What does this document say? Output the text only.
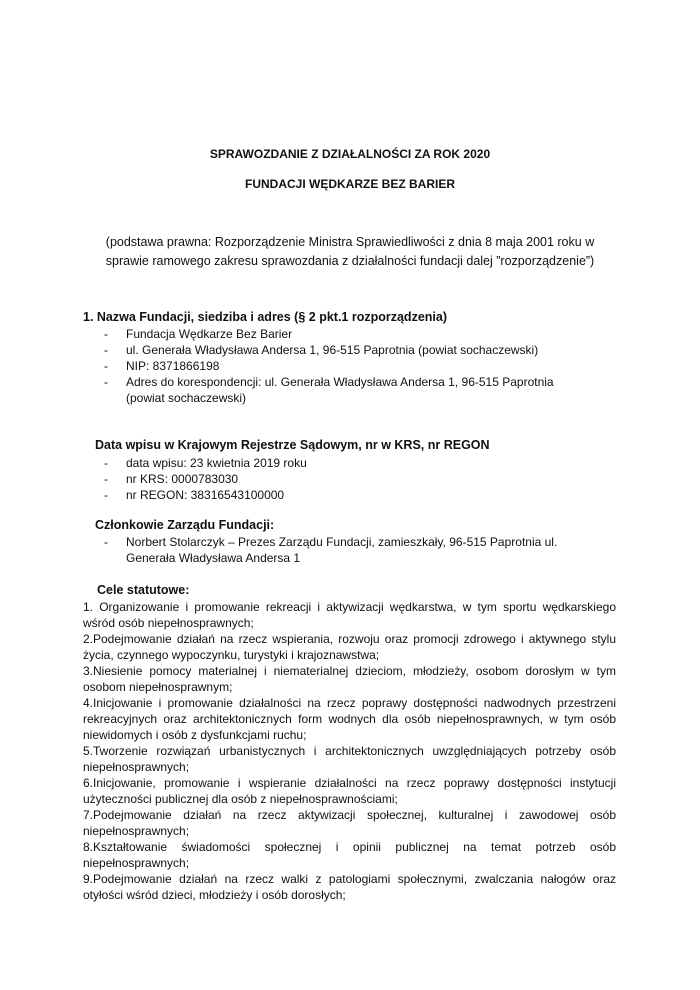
SPRAWOZDANIE Z DZIAŁALNOŚCI ZA ROK 2020
FUNDACJI WĘDKARZE BEZ BARIER
(podstawa prawna: Rozporządzenie Ministra Sprawiedliwości z dnia 8 maja 2001 roku w sprawie ramowego zakresu sprawozdania z działalności fundacji dalej ”rozporządzenie”)
1. Nazwa Fundacji, siedziba i adres (§ 2 pkt.1 rozporządzenia)
- Fundacja Wędkarze Bez Barier
- ul. Generała Władysława Andersa 1, 96-515 Paprotnia (powiat sochaczewski)
- NIP: 8371866198
- Adres do korespondencji: ul. Generała Władysława Andersa 1, 96-515 Paprotnia (powiat sochaczewski)
Data wpisu w Krajowym Rejestrze Sądowym, nr w KRS, nr REGON
- data wpisu: 23 kwietnia 2019 roku
- nr KRS: 0000783030
- nr REGON: 38316543100000
Członkowie Zarządu Fundacji:
- Norbert Stolarczyk – Prezes Zarządu Fundacji, zamieszkały, 96-515 Paprotnia ul. Generała Władysława Andersa 1
Cele statutowe:
1. Organizowanie i promowanie rekreacji i aktywizacji wędkarstwa, w tym sportu wędkarskiego wśród osób niepełnosprawnych;
2.Podejmowanie działań na rzecz wspierania, rozwoju oraz promocji zdrowego i aktywnego stylu życia, czynnego wypoczynku, turystyki i krajoznawstwa;
3.Niesienie pomocy materialnej i niematerialnej dzieciom, młodzieży, osobom dorosłym w tym osobom niepełnosprawnym;
4.Inicjowanie i promowanie działalności na rzecz poprawy dostępności nadwodnych przestrzeni rekreacyjnych oraz architektonicznych form wodnych dla osób niepełnosprawnych, w tym osób niewidomych i osób z dysfunkcjami ruchu;
5.Tworzenie rozwiązań urbanistycznych i architektonicznych uwzględniających potrzeby osób niepełnosprawnych;
6.Inicjowanie, promowanie i wspieranie działalności na rzecz poprawy dostępności instytucji użyteczności publicznej dla osób z niepełnosprawnościami;
7.Podejmowanie działań na rzecz aktywizacji społecznej, kulturalnej i zawodowej osób niepełnosprawnych;
8.Kształtowanie świadomości społecznej i opinii publicznej na temat potrzeb osób niepełnosprawnych;
9.Podejmowanie działań na rzecz walki z patologiami społecznymi, zwalczania nałogów oraz otyłości wśród dzieci, młodzieży i osób dorosłych;
